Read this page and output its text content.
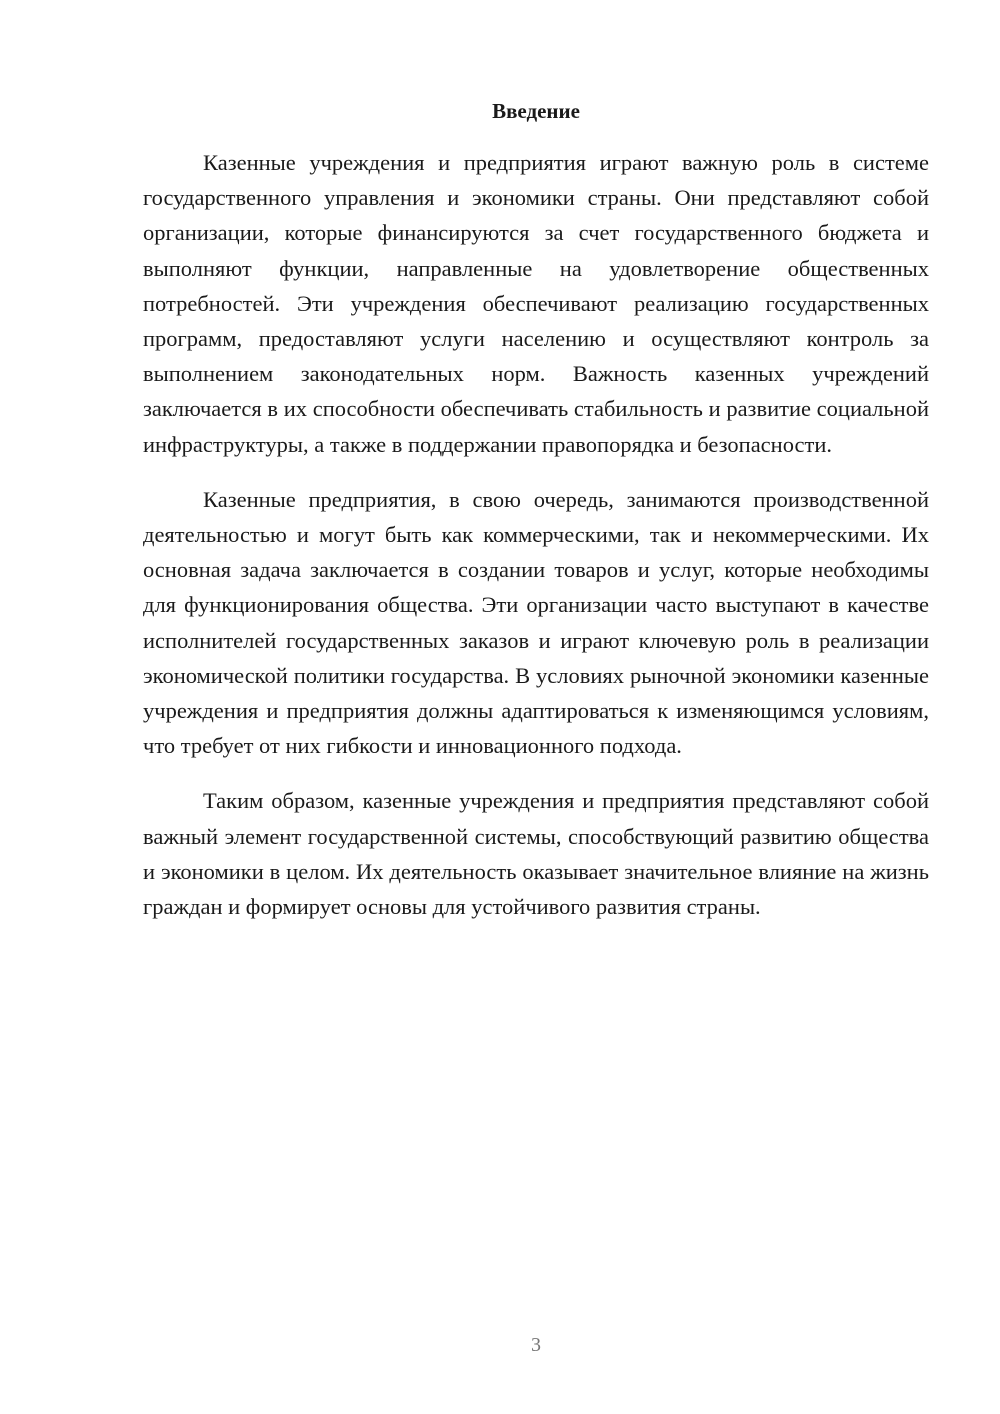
Введение

Казенные учреждения и предприятия играют важную роль в системе государственного управления и экономики страны. Они представляют собой организации, которые финансируются за счет государственного бюджета и выполняют функции, направленные на удовлетворение общественных потребностей. Эти учреждения обеспечивают реализацию государственных программ, предоставляют услуги населению и осуществляют контроль за выполнением законодательных норм. Важность казенных учреждений заключается в их способности обеспечивать стабильность и развитие социальной инфраструктуры, а также в поддержании правопорядка и безопасности.

Казенные предприятия, в свою очередь, занимаются производственной деятельностью и могут быть как коммерческими, так и некоммерческими. Их основная задача заключается в создании товаров и услуг, которые необходимы для функционирования общества. Эти организации часто выступают в качестве исполнителей государственных заказов и играют ключевую роль в реализации экономической политики государства. В условиях рыночной экономики казенные учреждения и предприятия должны адаптироваться к изменяющимся условиям, что требует от них гибкости и инновационного подхода.

Таким образом, казенные учреждения и предприятия представляют собой важный элемент государственной системы, способствующий развитию общества и экономики в целом. Их деятельность оказывает значительное влияние на жизнь граждан и формирует основы для устойчивого развития страны.

3
